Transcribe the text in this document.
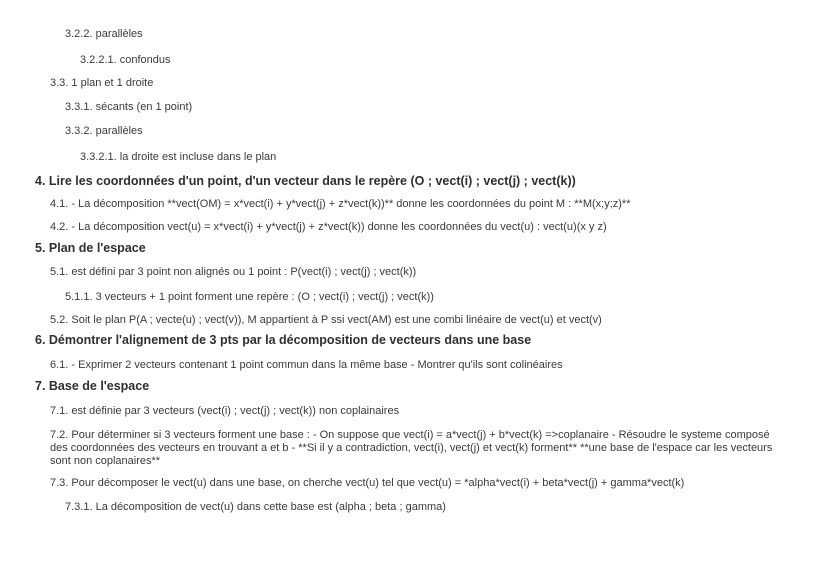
3.2.2. parallèles
3.2.2.1. confondus
3.3. 1 plan et 1 droite
3.3.1. sécants (en 1 point)
3.3.2. parallèles
3.3.2.1. la droite est incluse dans le plan
4. Lire les coordonnées d'un point, d'un vecteur dans le repère (O ; vect(i) ; vect(j) ; vect(k))
4.1. - La décomposition **vect(OM) = x*vect(i) + y*vect(j) + z*vect(k))** donne les coordonnées du point M : **M(x;y;z)**
4.2. - La décomposition vect(u) = x*vect(i) + y*vect(j) + z*vect(k)) donne les coordonnées du vect(u) : vect(u)(x y z)
5. Plan de l'espace
5.1. est défini par 3 point non alignés ou 1 point : P(vect(i) ; vect(j) ; vect(k))
5.1.1. 3 vecteurs + 1 point forment une repère : (O ; vect(i) ; vect(j) ; vect(k))
5.2. Soit le plan P(A ; vecte(u) ; vect(v)), M appartient à P ssi vect(AM) est une combi linéaire de vect(u) et vect(v)
6. Démontrer l'alignement de 3 pts par la décomposition de vecteurs dans une base
6.1. - Exprimer 2 vecteurs contenant 1 point commun dans la même base - Montrer qu'ils sont colinéaires
7. Base de l'espace
7.1. est définie par 3 vecteurs (vect(i) ; vect(j) ; vect(k)) non coplainaires
7.2. Pour déterminer si 3 vecteurs forment une base : - On suppose que vect(i) = a*vect(j) + b*vect(k) =>coplanaire - Résoudre le systeme composé des coordonnées des vecteurs en trouvant a et b - **Si il y a contradiction, vect(i), vect(j) et vect(k) forment** **une base de l'espace car les vecteurs sont non coplanaires**
7.3. Pour décomposer le vect(u) dans une base, on cherche vect(u) tel que vect(u) = *alpha*vect(i) + beta*vect(j) + gamma*vect(k)
7.3.1. La décomposition de vect(u) dans cette base est (alpha ; beta ; gamma)
